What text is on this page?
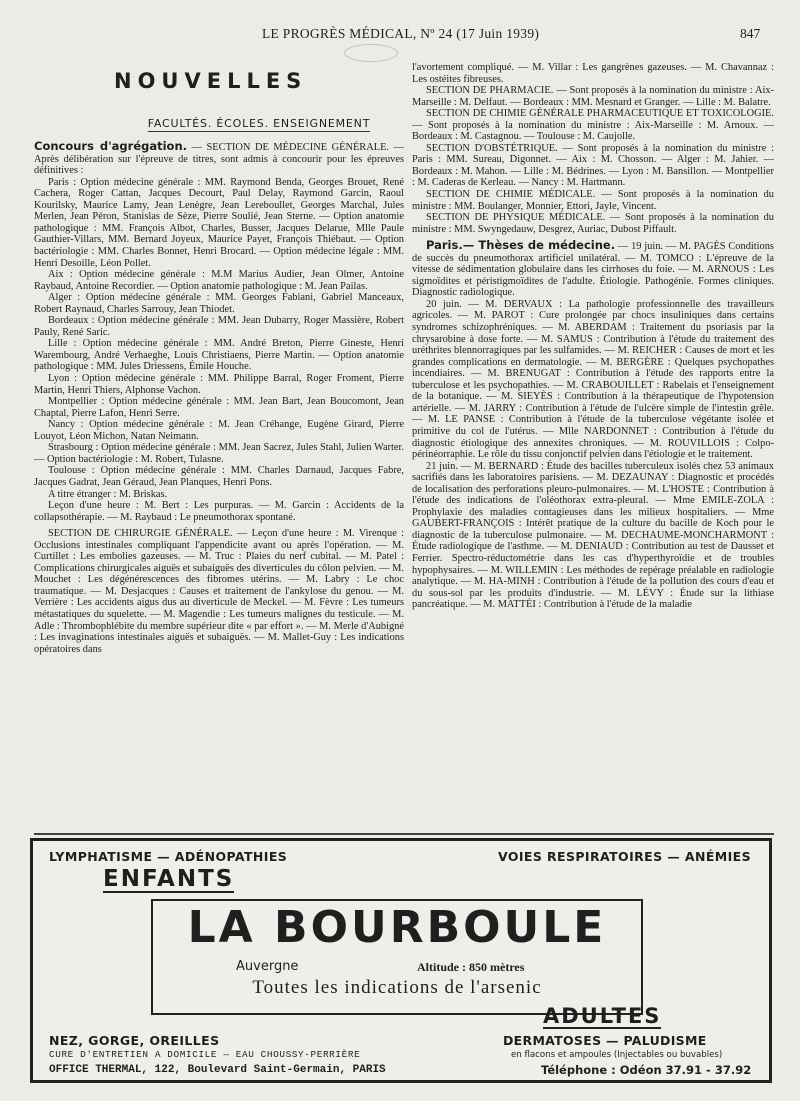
LE PROGRÈS MÉDICAL, Nº 24 (17 Juin 1939)	847
·
NOUVELLES
FACULTÉS. ÉCOLES. ENSEIGNEMENT

Concours d'agrégation. — SECTION DE MÉDECINE GÉNÉRALE. — Après délibération sur l'épreuve de titres, sont admis à concourir pour les épreuves définitives :

Paris : Option médecine générale : MM. Raymond Benda, Georges Brouet, René Cachera, Roger Cattan, Jacques Decourt, Paul Delay, Raymond Garcin, Raoul Kourilsky, Maurice Lamy, Jean Lenègre, Jean Lereboullet, Georges Marchal, Jules Merlen, Jean Péron, Stanislas de Sèze, Pierre Soulié, Jean Sterne. — Option anatomie pathologique : MM. François Albot, Charles, Busser, Jacques Delarue, Mlle Paule Gauthier-Villars, MM. Bernard Joyeux, Maurice Payet, François Thiébaut. — Option bactériologie : MM. Charles Bonnet, Henri Brocard. — Option médecine légale : MM. Henri Desoille, Léon Pollet.

Aix : Option médecine générale : M.M Marius Audier, Jean Olmer, Antoine Raybaud, Antoine Recordier. — Option anatomie pathologique : M. Jean Pailas.

Alger : Option médecine générale : MM. Georges Fabiani, Gabriel Manceaux, Robert Raynaud, Charles Sarrouy, Jean Thiodet.

Bordeaux : Option médecine générale : MM. Jean Dubarry, Roger Massière, Robert Pauly, René Saric.

Lille : Option médecine générale : MM. André Breton, Pierre Gineste, Henri Warembourg, André Verhaeghe, Louis Christiaens, Pierre Martin. — Option anatomie pathologique : MM. Jules Driessens, Émile Houche.

Lyon : Option médecine générale : MM. Philippe Barral, Roger Froment, Pierre Martin, Henri Thiers, Alphonse Vachon.

Montpellier : Option médecine générale : MM. Jean Bart, Jean Boucomont, Jean Chaptal, Pierre Lafon, Henri Serre.

Nancy : Option médecine générale : M. Jean Créhange, Eugène Girard, Pierre Louyot, Léon Michon, Natan Neimann.

Strasbourg : Option médecine générale : MM. Jean Sacrez, Jules Stahl, Julien Warter. — Option bactériologie : M. Robert, Tulasne.

Toulouse : Option médecine générale : MM. Charles Darnaud, Jacques Fabre, Jacques Gadrat, Jean Géraud, Jean Planques, Henri Pons.

A titre étranger : M. Briskas.

Leçon d'une heure : M. Bert : Les purpuras. — M. Garcin : Accidents de la collapsothérapie. — M. Raybaud : Le pneumothorax spontané.

SECTION DE CHIRURGIE GÉNÉRALE. — Leçon d'une heure : M. Virenque : Occlusions intestinales compliquant l'appendicite avant ou après l'opération. — M. Curtillet : Les embolies gazeuses. — M. Truc : Plaies du nerf cubital. — M. Patel : Complications chirurgicales aiguës et subaiguës des diverticules du côlon pelvien. — M. Mouchet : Les dégénérescences des fibromes utérins. — M. Labry : Le choc traumatique. — M. Desjacques : Causes et traitement de l'ankylose du genou. — M. Verrière : Les accidents aigus dus au diverticule de Meckel. — M. Fèvre : Les tumeurs métastatiques du squelette. — M. Magendie : Les tumeurs malignes du testicule. — M. Adle : Thrombophlébite du membre supérieur dite « par effort ». — M. Merle d'Aubigné : Les invaginations intestinales aiguës et subaiguës. — M. Mallet-Guy : Les indications opératoires dans

l'avortement compliqué. — M. Villar : Les gangrènes gazeuses. — M. Chavannaz : Les ostéites fibreuses.

SECTION DE PHARMACIE. — Sont proposés à la nomination du ministre : Aix-Marseille : M. Delfaut. — Bordeaux : MM. Mesnard et Granger. — Lille : M. Balatre.

SECTION DE CHIMIE GÉNÉRALE PHARMACEUTIQUE ET TOXICOLOGIE. — Sont proposés à la nomination du ministre : Aix-Marseille : M. Arnoux. — Bordeaux : M. Castagnou. — Toulouse : M. Caujolle.

SECTION D'OBSTÉTRIQUE. — Sont proposés à la nomination du ministre : Paris : MM. Sureau, Digonnet. — Aix : M. Chosson. — Alger : M. Jahier. — Bordeaux : M. Mahon. — Lille : M. Bédrines. — Lyon : M. Bansillon. — Montpellier : M. Caderas de Kerleau. — Nancy : M. Hartmann.

SECTION DE CHIMIE MÉDICALE. — Sont proposés à la nomination du ministre : MM. Boulanger, Monnier, Ettori, Jayle, Vincent.

SECTION DE PHYSIQUE MÉDICALE. — Sont proposés à la nomination du ministre : MM. Swyngedauw, Desgrez, Auriac, Dubost Piffault.

Paris.— Thèses de médecine. — 19 juin. — M. PAGÈS Conditions de succès du pneumothorax artificiel unilatéral. — M. TOMCO : L'épreuve de la vitesse de sédimentation globulaire dans les cirrhoses du foie. — M. ARNOUS : Les sigmoïdites et péristigmoïdites de l'adulte. Étiologie. Pathogénie. Formes cliniques. Diagnostic radiologique.

20 juin. — M. DERVAUX : La pathologie professionnelle des travailleurs agricoles. — M. PAROT : Cure prolongée par chocs insuliniques dans certains syndromes schizophréniques. — M. ABERDAM : Traitement du psoriasis par la chrysarobine à dose forte. — M. SAMUS : Contribution à l'étude du traitement des uréthrites blennorragiques par les sulfamides. — M. REICHER : Causes de mort et les grandes complications en dermatologie. — M. BERGÈRE : Quelques psychopathes incendiaires. — M. BRENUGAT : Contribution à l'étude des rapports entre la tuberculose et les psychopathies. — M. CRABOUILLET : Rabelais et l'enseignement de la botanique. — M. SIEYÈS : Contribution à la thérapeutique de l'hypotension artérielle. — M. JARRY : Contribution à l'étude de l'ulcère simple de l'intestin grêle. — M. LE PANSE : Contribution à l'étude de la tuberculose végétante isolée et primitive du col de l'utérus. — Mlle NARDONNET : Contribution à l'étude du diagnostic étiologique des annexites chroniques. — M. ROUVILLOIS : Colpo-périnéorraphie. Le rôle du tissu conjonctif pelvien dans l'étiologie et le traitement.

21 juin. — M. BERNARD : Étude des bacilles tuberculeux isolés chez 53 animaux sacrifiés dans les laboratoires parisiens. — M. DEZAUNAY : Diagnostic et procédés de localisation des perforations pleuro-pulmonaires. — M. L'HOSTE : Contribution à l'étude des indications de l'oléothorax extra-pleural. — Mme EMILE-ZOLA : Prophylaxie des maladies contagieuses dans les milieux hospitaliers. — Mme GAUBERT-FRANÇOIS : Intérêt pratique de la culture du bacille de Koch pour le diagnostic de la tuberculose pulmonaire. — M. DECHAUME-MONCHARMONT : Étude radiologique de l'asthme. — M. DENIAUD : Contribution au test de Dausset et Ferrier. Spectro-réductométrie dans les cas d'hyperthyroïdie et de troubles hypophysaires. — M. WILLEMIN : Les méthodes de repérage préalable en radiologie analytique. — M. HA-MINH : Contribution à l'étude de la pollution des cours d'eau et du sous-sol par les produits d'industrie. — M. LÉVY : Étude sur la lithiase pancréatique. — M. MATTÉI : Contribution à l'étude de la maladie

LYMPHATISME — ADÉNOPATHIES	VOIES RESPIRATOIRES — ANÉMIES
ENFANTS
LA BOURBOULE
Auvergne	Altitude : 850 mètres
Toutes les indications de l'arsenic
ADULTES
NEZ, GORGE, OREILLES	DERMATOSES — PALUDISME
CURE D'ENTRETIEN A DOMICILE — EAU CHOUSSY-PERRIÈRE	en flacons et ampoules (Injectables ou buvables)
OFFICE THERMAL, 122, Boulevard Saint-Germain, PARIS	Téléphone : Odéon 37.91 - 37.92
